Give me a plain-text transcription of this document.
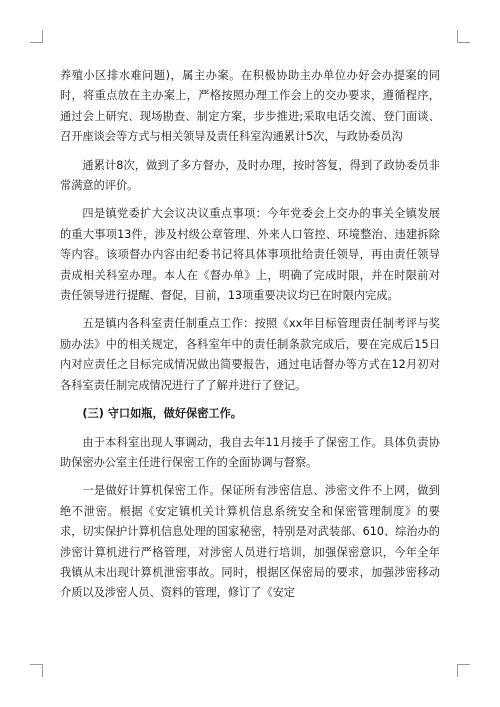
养殖小区排水难问题)，属主办案。在积极协助主办单位办好会办提案的同时，将重点放在主办案上，严格按照办理工作会上的交办要求，遵循程序，通过会上研究、现场勘查、制定方案，步步推进;采取电话交流、登门面谈、召开座谈会等方式与相关领导及责任科室沟通累计5次，与政协委员沟

通累计8次，做到了多方督办，及时办理，按时答复，得到了政协委员非常满意的评价。

四是镇党委扩大会议决议重点事项：今年党委会上交办的事关全镇发展的重大事项13件，涉及村级公章管理、外来人口管控、环境整治、违建拆除等内容。该项督办内容由纪委书记将具体事项批给责任领导，再由责任领导责成相关科室办理。本人在《督办单》上，明确了完成时限，并在时限前对责任领导进行提醒、督促，目前，13项重要决议均已在时限内完成。

五是镇内各科室责任制重点工作：按照《xx年目标管理责任制考评与奖励办法》中的相关规定，各科室年中的责任制条款完成后，要在完成后15日内对应责任之目标完成情况做出简要报告，通过电话督办等方式在12月初对各科室责任制完成情况进行了了解并进行了登记。

(三) 守口如瓶，做好保密工作。

由于本科室出现人事调动，我自去年11月接手了保密工作。具体负责协助保密办公室主任进行保密工作的全面协调与督察。

一是做好计算机保密工作。保证所有涉密信息、涉密文件不上网，做到绝不泄密。根据《安定镇机关计算机信息系统安全和保密管理制度》的要求，切实保护计算机信息处理的国家秘密，特别是对武装部、610、综治办的涉密计算机进行严格管理，对涉密人员进行培训，加强保密意识，今年全年我镇从未出现计算机泄密事故。同时，根据区保密局的要求，加强涉密移动介质以及涉密人员、资料的管理，修订了《安定
